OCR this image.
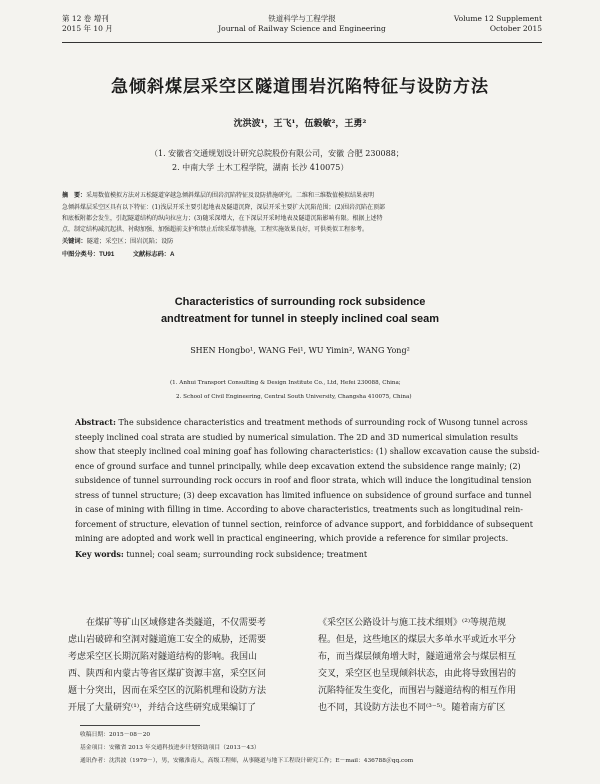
第 12 卷 增刊
2015 年 10 月
铁道科学与工程学报
Journal of Railway Science and Engineering
Volume 12 Supplement
October 2015
急倾斜煤层采空区隧道围岩沉陷特征与设防方法
沈洪波¹，王飞¹，伍毅敏²，王勇²
（1. 安徽省交通规划设计研究总院股份有限公司，安徽 合肥 230088；
2. 中南大学 土木工程学院，湖南 长沙 410075）
摘　要：采用数值模拟方法对五松隧道穿越急倾斜煤层的围岩沉陷特征及设防措施研究。二维和三维数值模拟结果表明
急倾斜煤层采空区具有以下特征：(1)浅层开采主要引起地表及隧道沉降，深层开采主要扩大沉陷范围；(2)围岩沉陷在顶部
和底板附都会发生，引起隧道结构的纵向拉应力；(3)随采深增大，在下深层开采时地表及隧道沉陷影响有限。根据上述特
点，制定结构减沉起拱、衬砌加强、加强超前支护和禁止后续采煤等措施，工程实施效果良好，可供类似工程参考。
关键词：隧道；采空区；围岩沉陷；设防
中图分类号：TU91　　　文献标志码：A
Characteristics of surrounding rock subsidence
andtreatment for tunnel in steeply inclined coal seam
SHEN Hongbo¹, WANG Fei¹, WU Yimin², WANG Yong²
(1. Anhui Transport Consulting & Design Institute Co., Ltd, Hefei 230088, China;
2. School of Civil Engineering, Central South University, Changsha 410075, China)
Abstract: The subsidence characteristics and treatment methods of surrounding rock of Wusong tunnel across
steeply inclined coal strata are studied by numerical simulation. The 2D and 3D numerical simulation results
show that steeply inclined coal mining goaf has following characteristics: (1) shallow excavation cause the subsid-
ence of ground surface and tunnel principally, while deep excavation extend the subsidence range mainly; (2)
subsidence of tunnel surrounding rock occurs in roof and floor strata, which will induce the longitudinal tension
stress of tunnel structure; (3) deep excavation has limited influence on subsidence of ground surface and tunnel
in case of mining with filling in time. According to above characteristics, treatments such as longitudinal rein-
forcement of structure, elevation of tunnel section, reinforce of advance support, and forbiddance of subsequent
mining are adopted and work well in practical engineering, which provide a reference for similar projects.
Key words: tunnel; coal seam; surrounding rock subsidence; treatment
　　在煤矿等矿山区域修建各类隧道，不仅需要考
虑山岩破碎和空洞对隧道施工安全的威胁，还需要
考虑采空区长期沉陷对隧道结构的影响。我国山
西、陕西和内蒙古等省区煤矿资源丰富，采空区问
题十分突出，因而在采空区的沉陷机理和设防方法
开展了大量研究⁽¹⁾，并结合这些研究成果编订了
《采空区公路设计与施工技术细则》⁽²⁾等规范规
程。但是，这些地区的煤层大多单水平或近水平分
布，而当煤层倾角增大时，隧道通常会与煤层相互
交叉，采空区也呈现倾斜状态，由此将导致围岩的
沉陷特征发生变化，而围岩与隧道结构的相互作用
也不同，其设防方法也不同⁽³⁻⁵⁾。随着南方矿区
收稿日期：2015－08－20
基金项目：安徽省 2013 年交通科技进步计划资助项目（2013－43）
通讯作者：沈洪波（1979－），男，安徽淮南人，高级工程师，从事隧道与地下工程设计研究工作；E－mail：436788＠qq.com
